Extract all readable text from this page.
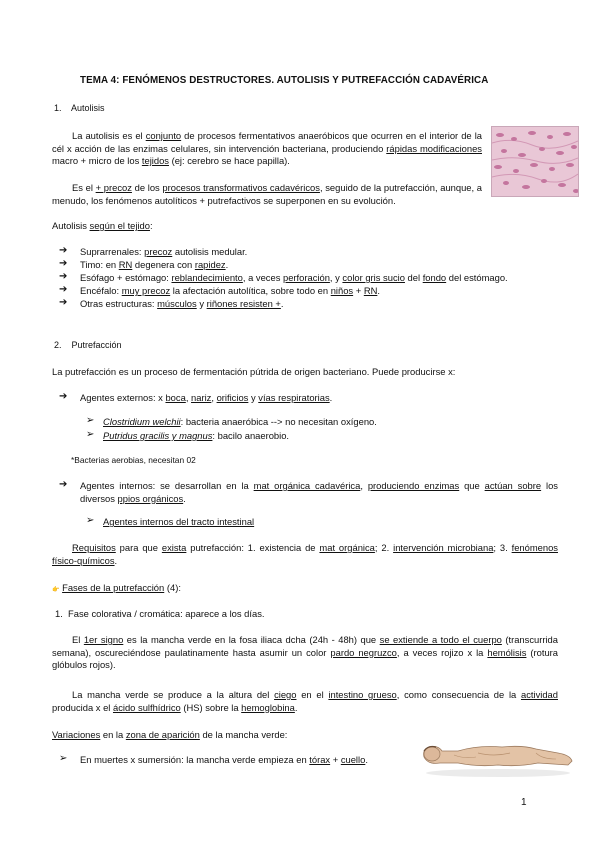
TEMA 4: FENÓMENOS DESTRUCTORES. AUTOLISIS Y PUTREFACCIÓN CADAVÉRICA
1. Autolisis

La autolisis es el conjunto de procesos fermentativos anaeróbicos que ocurren en el interior de la cél x acción de las enzimas celulares, sin intervención bacteriana, produciendo rápidas modificaciones macro + micro de los tejidos (ej: cerebro se hace papilla).

Es el + precoz de los procesos transformativos cadavéricos, seguido de la putrefacción, aunque, a menudo, los fenómenos autolíticos + putrefactivos se superponen en su evolución.

Autolisis según el tejido:
➔ Suprarrenales: precoz autolisis medular.
➔ Timo: en RN degenera con rapidez.
➔ Esófago + estómago: reblandecimiento, a veces perforación, y color gris sucio del fondo del estómago.
➔ Encéfalo: muy precoz la afectación autolítica, sobre todo en niños + RN.
➔ Otras estructuras: músculos y riñones resisten +.
2. Putrefacción

La putrefacción es un proceso de fermentación pútrida de origen bacteriano. Puede producirse x:

➔ Agentes externos: x boca, nariz, orificios y vías respiratorias.
➢ Clostridium welchii: bacteria anaeróbica --> no necesitan oxígeno.
➢ Putridus gracilis y magnus: bacilo anaerobio.
*Bacterias aerobias, necesitan 02
➔ Agentes internos: se desarrollan en la mat orgánica cadavérica, produciendo enzimas que actúan sobre los diversos ppios orgánicos.

➢ Agentes internos del tracto intestinal

Requisitos para que exista putrefacción: 1. existencia de mat orgánica; 2. intervención microbiana; 3. fenómenos físico-químicos.

👉 Fases de la putrefacción (4):
1. Fase colorativa / cromática: aparece a los días.

El 1er signo es la mancha verde en la fosa iliaca dcha (24h - 48h) que se extiende a todo el cuerpo (transcurrida semana), oscureciéndose paulatinamente hasta asumir un color pardo negruzco, a veces rojizo x la hemólisis (rotura glóbulos rojos).

La mancha verde se produce a la altura del ciego en el intestino grueso, como consecuencia de la actividad producida x el ácido sulfhídrico (HS) sobre la hemoglobina.

Variaciones en la zona de aparición de la mancha verde:
➢ En muertes x sumersión: la mancha verde empieza en tórax + cuello.
1
